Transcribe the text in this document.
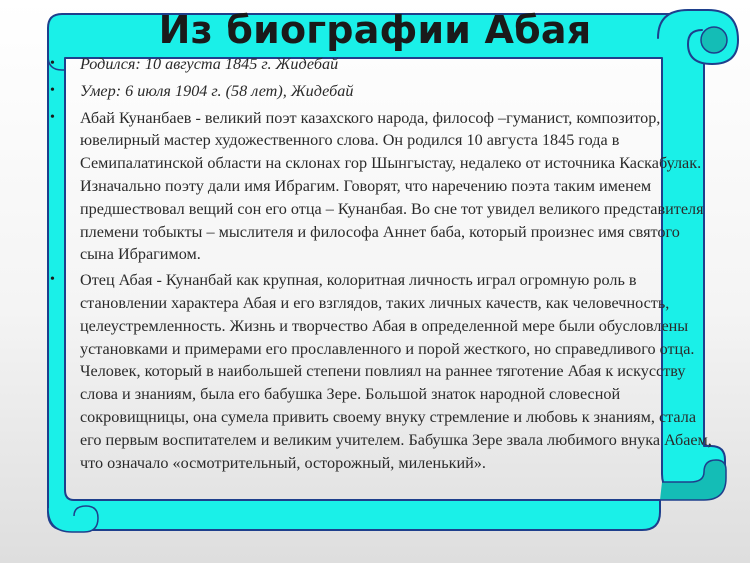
Из биографии Абая
• Родился: 10 августа 1845 г. Жидебай
• Умер: 6 июля 1904 г. (58 лет), Жидебай
• Абай Кунанбаев - великий поэт казахского народа, философ –гуманист, композитор, ювелирный мастер художественного слова. Он родился 10 августа 1845 года в Семипалатинской области на склонах гор Шынгыстау, недалеко от источника Каскабулак. Изначально поэту дали имя Ибрагим. Говорят, что наречению поэта таким именем предшествовал вещий сон его отца – Кунанбая. Во сне тот увидел великого представителя племени тобыкты – мыслителя и философа Аннет баба, который произнес имя святого сына Ибрагимом.
• Отец Абая - Кунанбай как крупная, колоритная личность играл огромную роль в становлении характера Абая и его взглядов, таких личных качеств, как человечность, целеустремленность. Жизнь и творчество Абая в определенной мере были обусловлены установками и примерами его прославленного и порой жесткого, но справедливого отца. Человек, который в наибольшей степени повлиял на раннее тяготение Абая к искусству слова и знаниям, была его бабушка Зере. Большой знаток народной словесной сокровищницы, она сумела привить своему внуку стремление и любовь к знаниям, стала его первым воспитателем и великим учителем. Бабушка Зере звала любимого внука Абаем, что означало «осмотрительный, осторожный, миленький».
